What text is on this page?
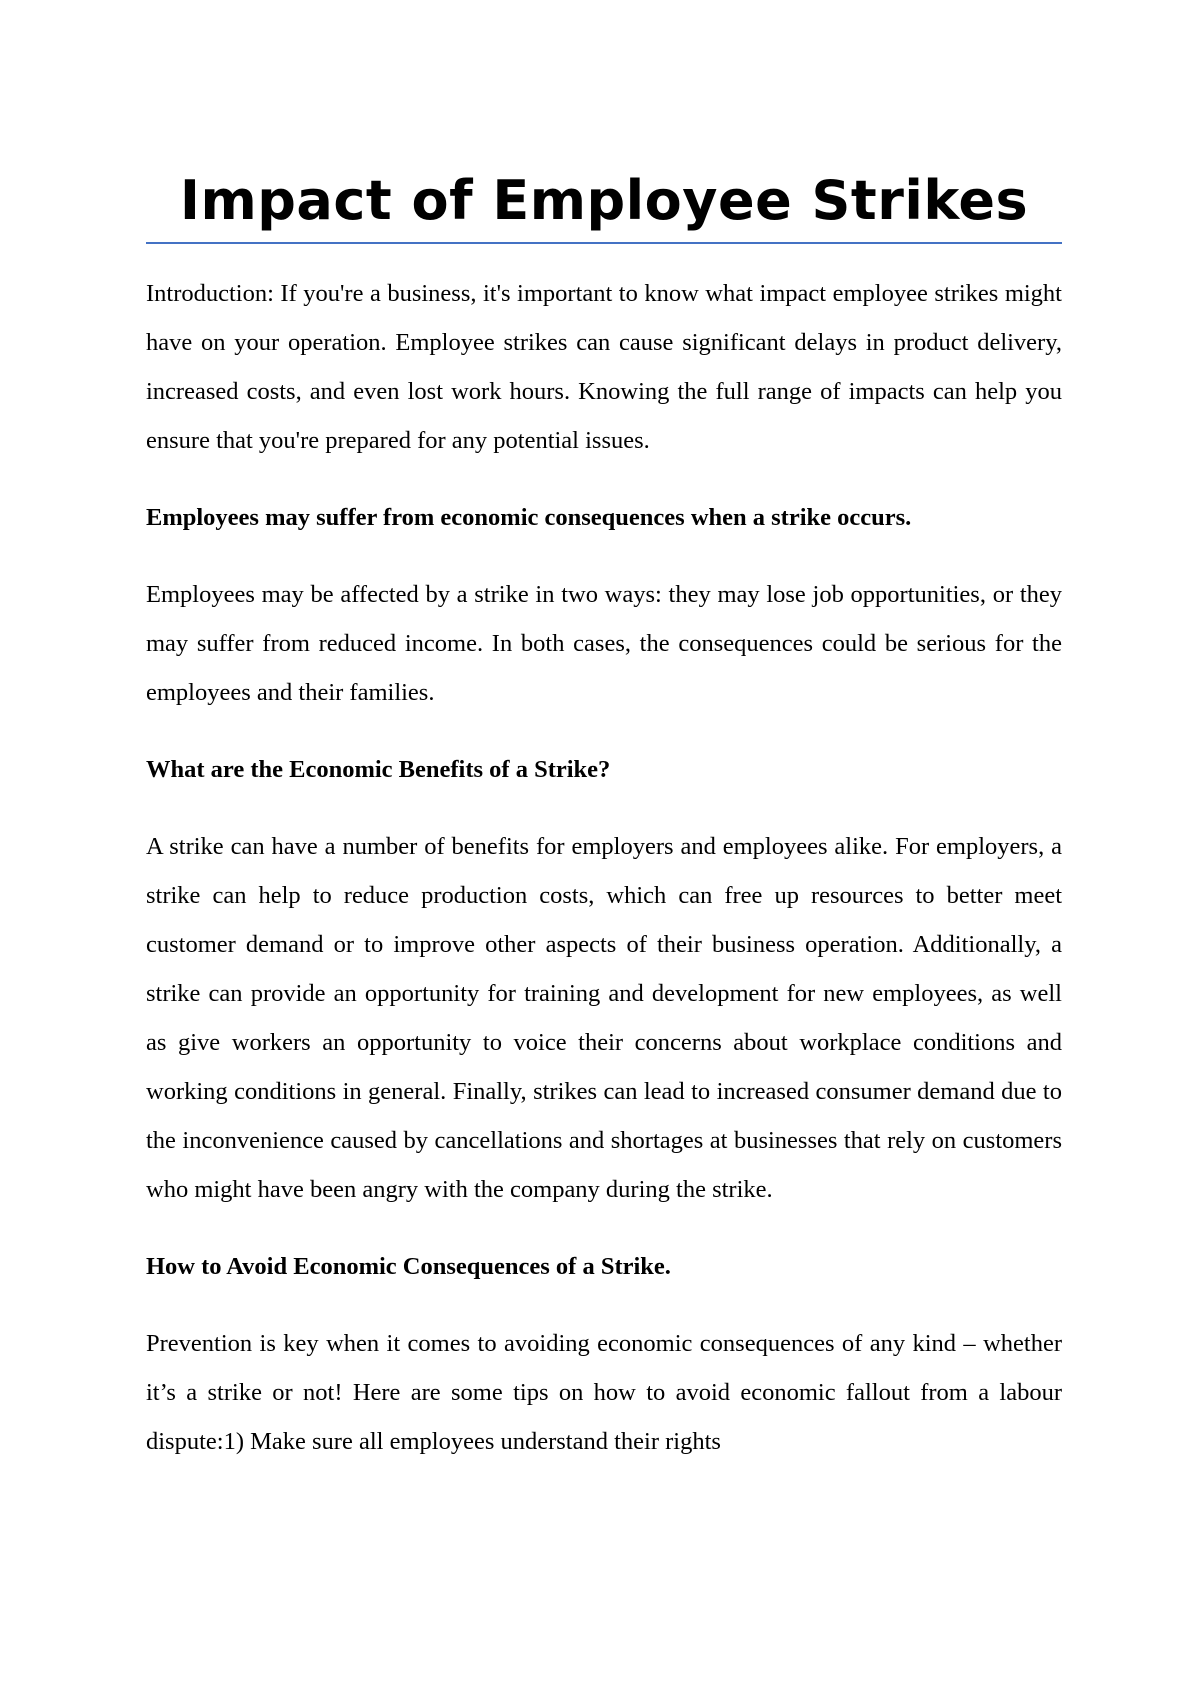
Impact of Employee Strikes

Introduction: If you're a business, it's important to know what impact employee strikes might have on your operation. Employee strikes can cause significant delays in product delivery, increased costs, and even lost work hours. Knowing the full range of impacts can help you ensure that you're prepared for any potential issues.

Employees may suffer from economic consequences when a strike occurs.

Employees may be affected by a strike in two ways: they may lose job opportunities, or they may suffer from reduced income. In both cases, the consequences could be serious for the employees and their families.

What are the Economic Benefits of a Strike?

A strike can have a number of benefits for employers and employees alike. For employers, a strike can help to reduce production costs, which can free up resources to better meet customer demand or to improve other aspects of their business operation. Additionally, a strike can provide an opportunity for training and development for new employees, as well as give workers an opportunity to voice their concerns about workplace conditions and working conditions in general. Finally, strikes can lead to increased consumer demand due to the inconvenience caused by cancellations and shortages at businesses that rely on customers who might have been angry with the company during the strike.

How to Avoid Economic Consequences of a Strike.

Prevention is key when it comes to avoiding economic consequences of any kind – whether it’s a strike or not! Here are some tips on how to avoid economic fallout from a labour dispute:1) Make sure all employees understand their rights
